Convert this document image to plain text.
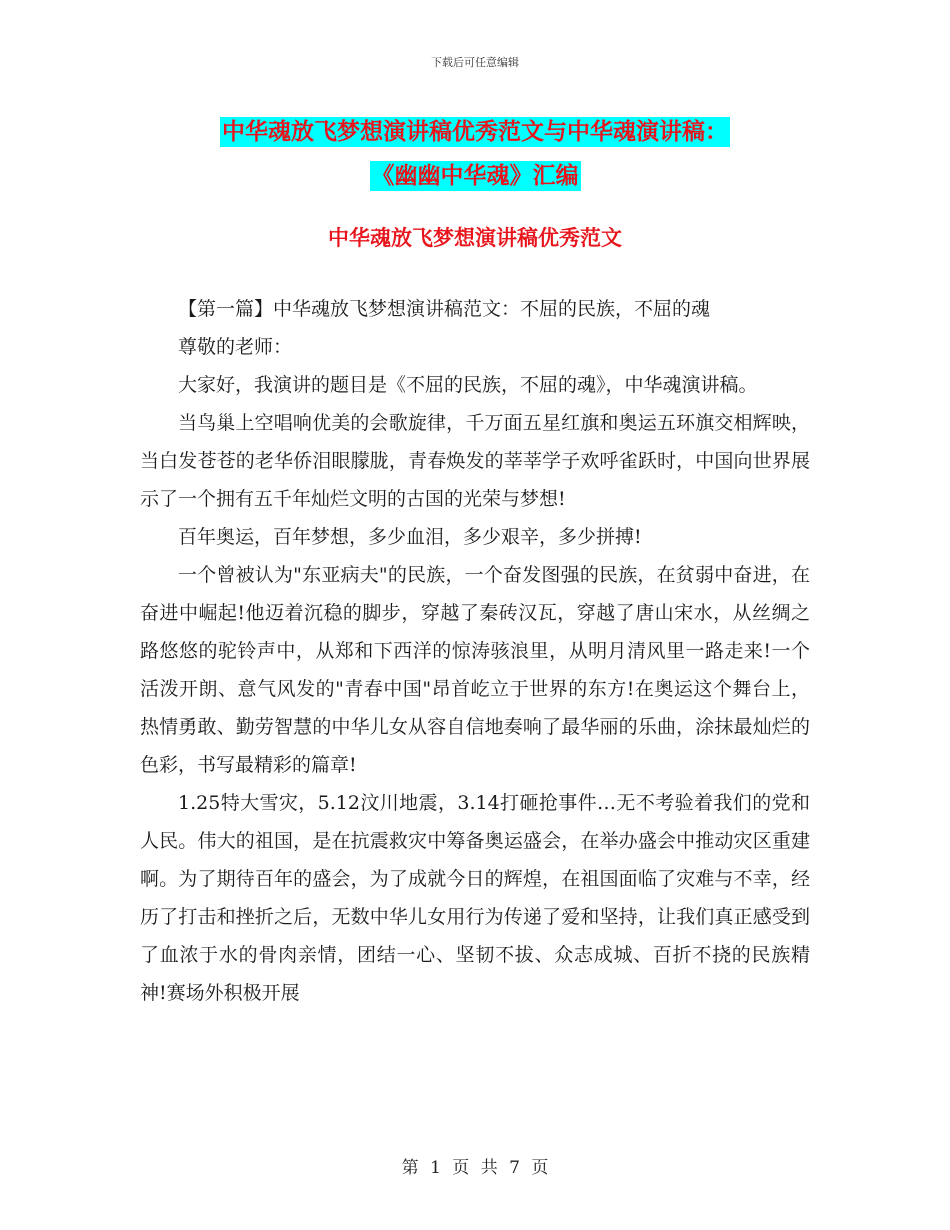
下载后可任意编辑
中华魂放飞梦想演讲稿优秀范文与中华魂演讲稿：
《幽幽中华魂》汇编
中华魂放飞梦想演讲稿优秀范文

【第一篇】中华魂放飞梦想演讲稿范文：不屈的民族，不屈的魂

尊敬的老师：

大家好，我演讲的题目是《不屈的民族，不屈的魂》，中华魂演讲稿。

当鸟巢上空唱响优美的会歌旋律，千万面五星红旗和奥运五环旗交相辉映，当白发苍苍的老华侨泪眼朦胧，青春焕发的莘莘学子欢呼雀跃时，中国向世界展示了一个拥有五千年灿烂文明的古国的光荣与梦想!

百年奥运，百年梦想，多少血泪，多少艰辛，多少拼搏!

一个曾被认为"东亚病夫"的民族，一个奋发图强的民族，在贫弱中奋进，在奋进中崛起!他迈着沉稳的脚步，穿越了秦砖汉瓦，穿越了唐山宋水，从丝绸之路悠悠的驼铃声中，从郑和下西洋的惊涛骇浪里，从明月清风里一路走来!一个活泼开朗、意气风发的"青春中国"昂首屹立于世界的东方!在奥运这个舞台上，热情勇敢、勤劳智慧的中华儿女从容自信地奏响了最华丽的乐曲，涂抹最灿烂的色彩，书写最精彩的篇章!

1.25特大雪灾，5.12汶川地震，3.14打砸抢事件…无不考验着我们的党和人民。伟大的祖国，是在抗震救灾中筹备奥运盛会，在举办盛会中推动灾区重建啊。为了期待百年的盛会，为了成就今日的辉煌，在祖国面临了灾难与不幸，经历了打击和挫折之后，无数中华儿女用行为传递了爱和坚持，让我们真正感受到了血浓于水的骨肉亲情，团结一心、坚韧不拔、众志成城、百折不挠的民族精神!赛场外积极开展

第 1 页 共 7 页
